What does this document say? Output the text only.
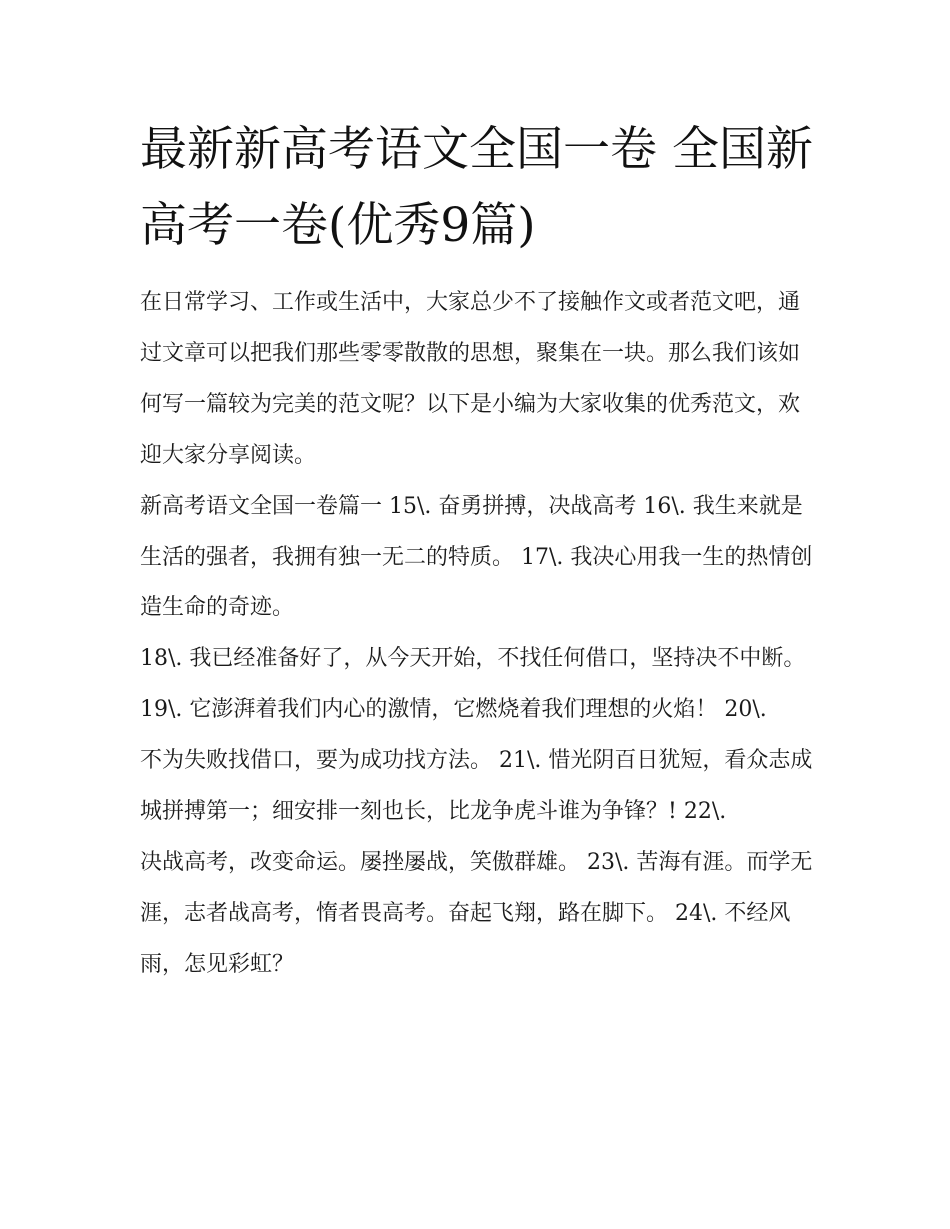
最新新高考语文全国一卷 全国新高考一卷(优秀9篇)

在日常学习、工作或生活中，大家总少不了接触作文或者范文吧，通过文章可以把我们那些零零散散的思想，聚集在一块。那么我们该如何写一篇较为完美的范文呢？以下是小编为大家收集的优秀范文，欢迎大家分享阅读。

新高考语文全国一卷篇一 15\. 奋勇拼搏，决战高考 16\. 我生来就是生活的强者，我拥有独一无二的特质。 17\. 我决心用我一生的热情创造生命的奇迹。

18\. 我已经准备好了，从今天开始，不找任何借口，坚持决不中断。 19\. 它澎湃着我们内心的激情，它燃烧着我们理想的火焰！ 20\.

不为失败找借口，要为成功找方法。 21\. 惜光阴百日犹短，看众志成城拼搏第一；细安排一刻也长，比龙争虎斗谁为争锋？! 22\.

决战高考，改变命运。屡挫屡战，笑傲群雄。 23\. 苦海有涯。而学无涯，志者战高考，惰者畏高考。奋起飞翔，路在脚下。 24\. 不经风雨，怎见彩虹？
